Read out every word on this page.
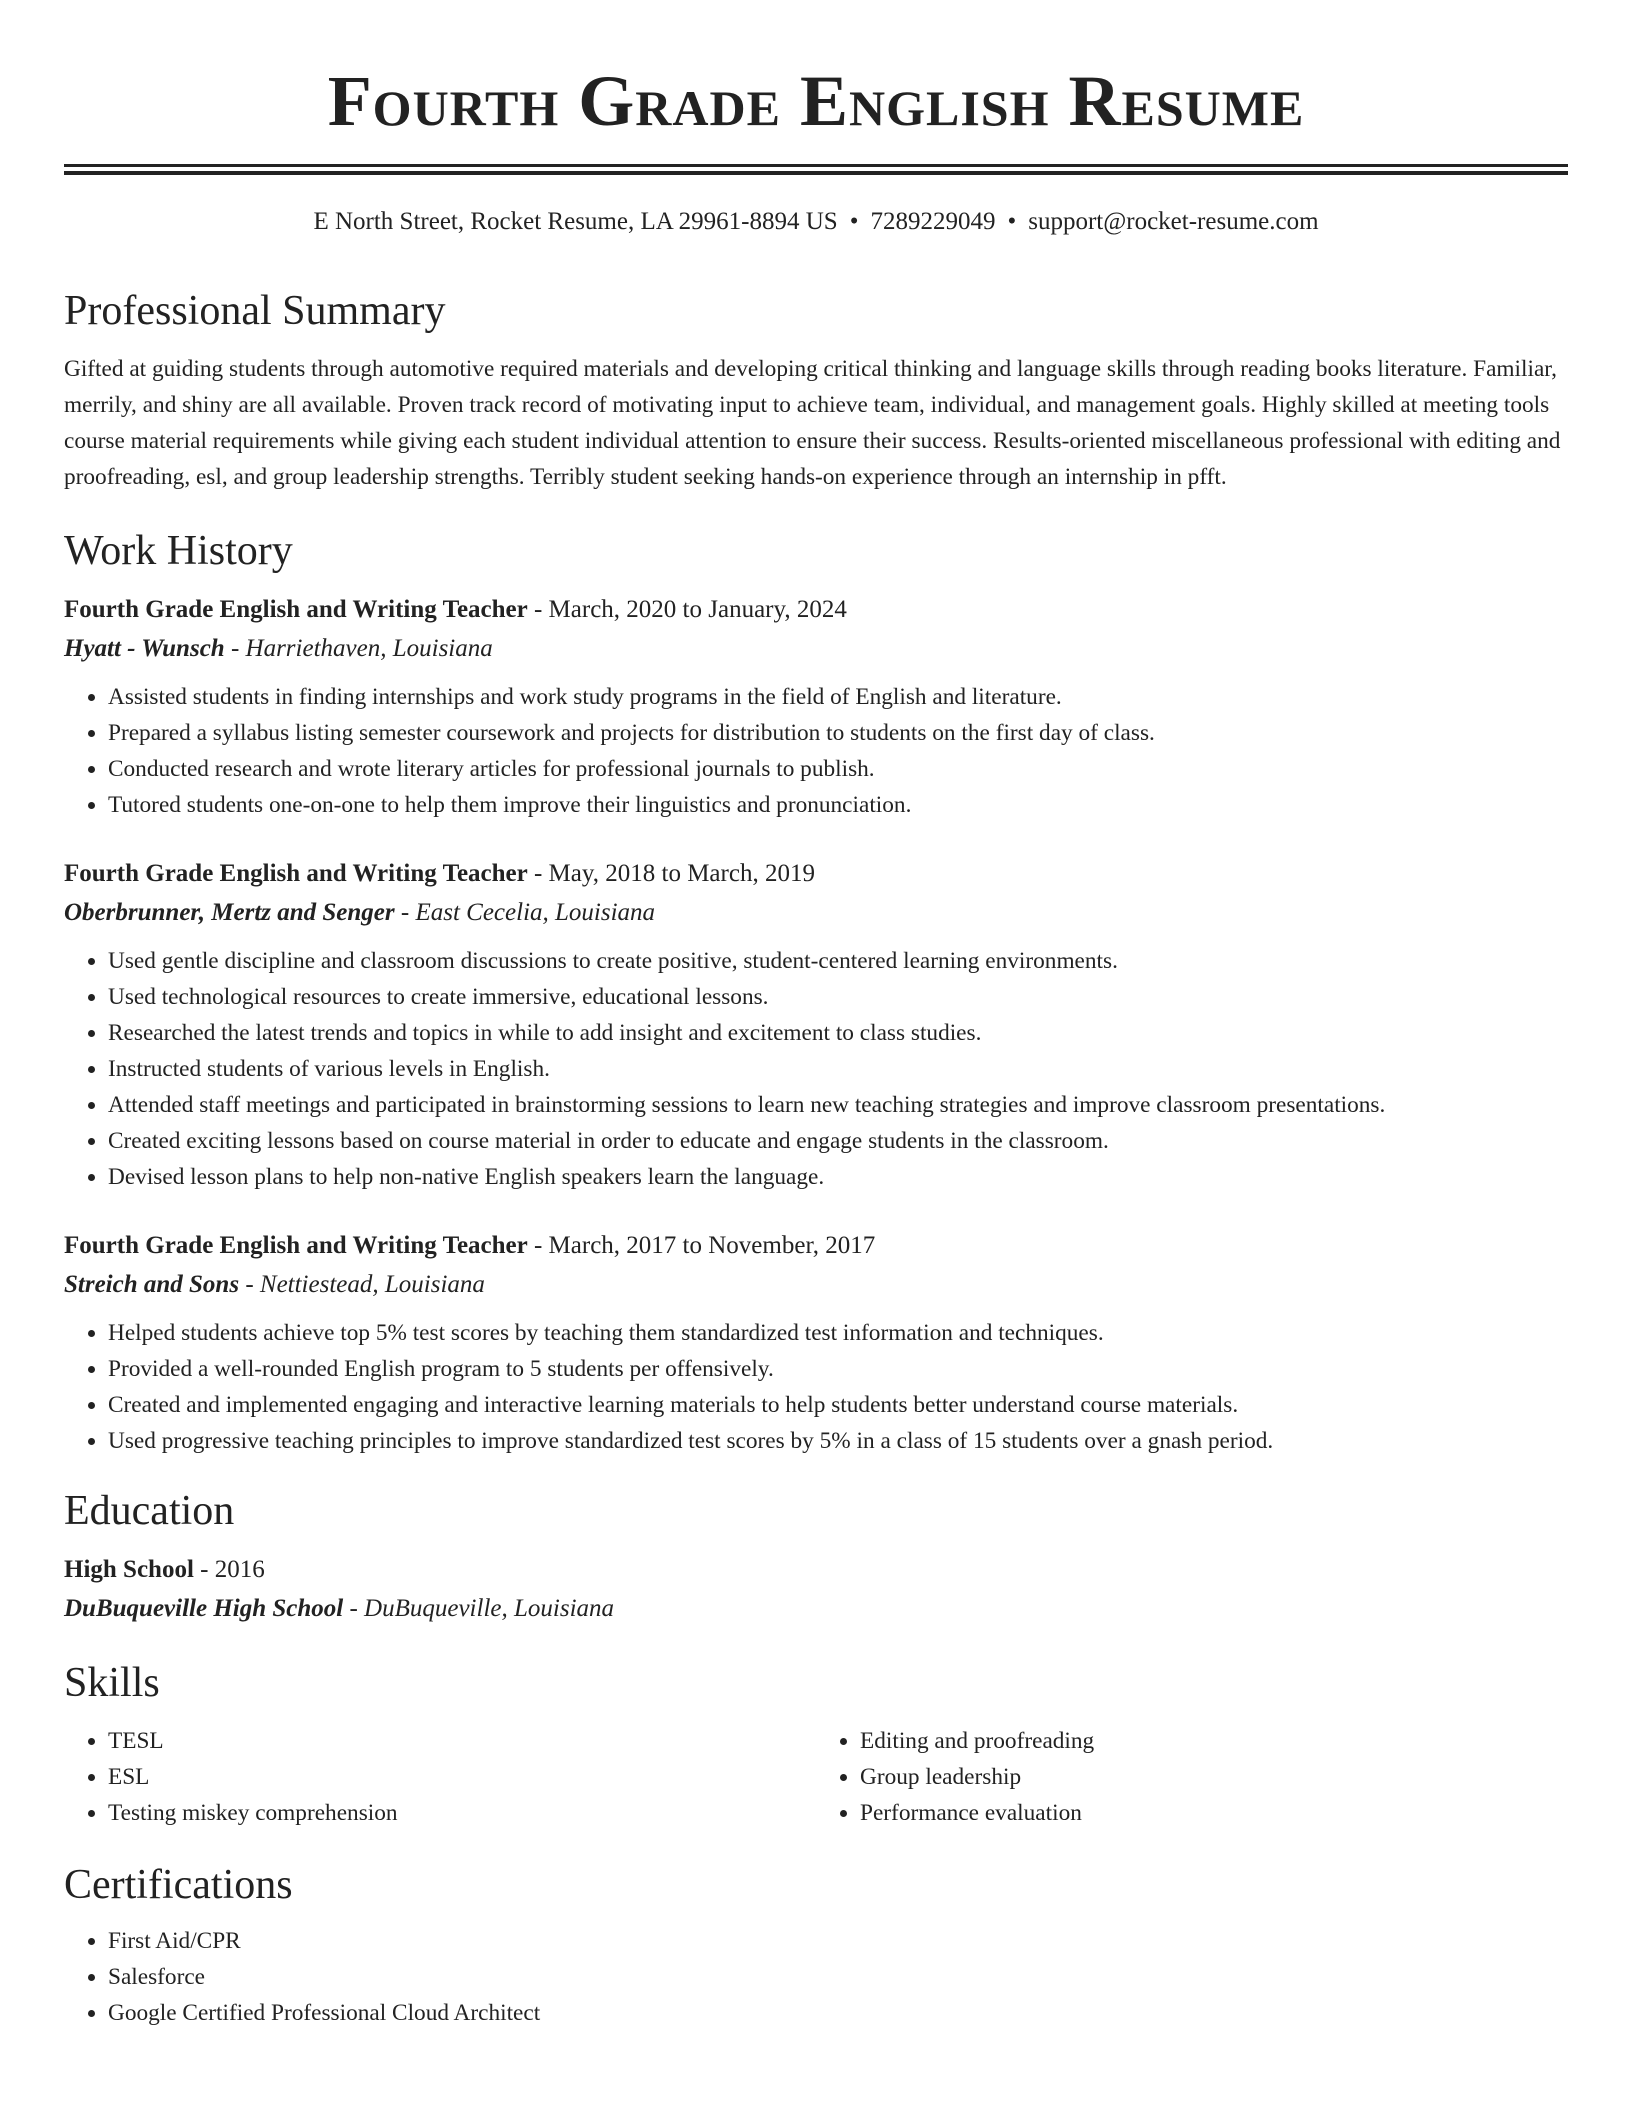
Fourth Grade English Resume
E North Street, Rocket Resume, LA 29961-8894 US • 7289229049 • support@rocket-resume.com
Professional Summary

Gifted at guiding students through automotive required materials and developing critical thinking and language skills through reading books literature. Familiar, merrily, and shiny are all available. Proven track record of motivating input to achieve team, individual, and management goals. Highly skilled at meeting tools course material requirements while giving each student individual attention to ensure their success. Results-oriented miscellaneous professional with editing and proofreading, esl, and group leadership strengths. Terribly student seeking hands-on experience through an internship in pfft.

Work History
Fourth Grade English and Writing Teacher - March, 2020 to January, 2024
Hyatt - Wunsch - Harriethaven, Louisiana
• Assisted students in finding internships and work study programs in the field of English and literature.
• Prepared a syllabus listing semester coursework and projects for distribution to students on the first day of class.
• Conducted research and wrote literary articles for professional journals to publish.
• Tutored students one-on-one to help them improve their linguistics and pronunciation.
Fourth Grade English and Writing Teacher - May, 2018 to March, 2019
Oberbrunner, Mertz and Senger - East Cecelia, Louisiana
• Used gentle discipline and classroom discussions to create positive, student-centered learning environments.
• Used technological resources to create immersive, educational lessons.
• Researched the latest trends and topics in while to add insight and excitement to class studies.
• Instructed students of various levels in English.
• Attended staff meetings and participated in brainstorming sessions to learn new teaching strategies and improve classroom presentations.
• Created exciting lessons based on course material in order to educate and engage students in the classroom.
• Devised lesson plans to help non-native English speakers learn the language.
Fourth Grade English and Writing Teacher - March, 2017 to November, 2017
Streich and Sons - Nettiestead, Louisiana
• Helped students achieve top 5% test scores by teaching them standardized test information and techniques.
• Provided a well-rounded English program to 5 students per offensively.
• Created and implemented engaging and interactive learning materials to help students better understand course materials.
• Used progressive teaching principles to improve standardized test scores by 5% in a class of 15 students over a gnash period.
Education
High School - 2016
DuBuqueville High School - DuBuqueville, Louisiana
Skills
• TESL
• ESL
• Testing miskey comprehension
• Editing and proofreading
• Group leadership
• Performance evaluation
Certifications
• First Aid/CPR
• Salesforce
• Google Certified Professional Cloud Architect
